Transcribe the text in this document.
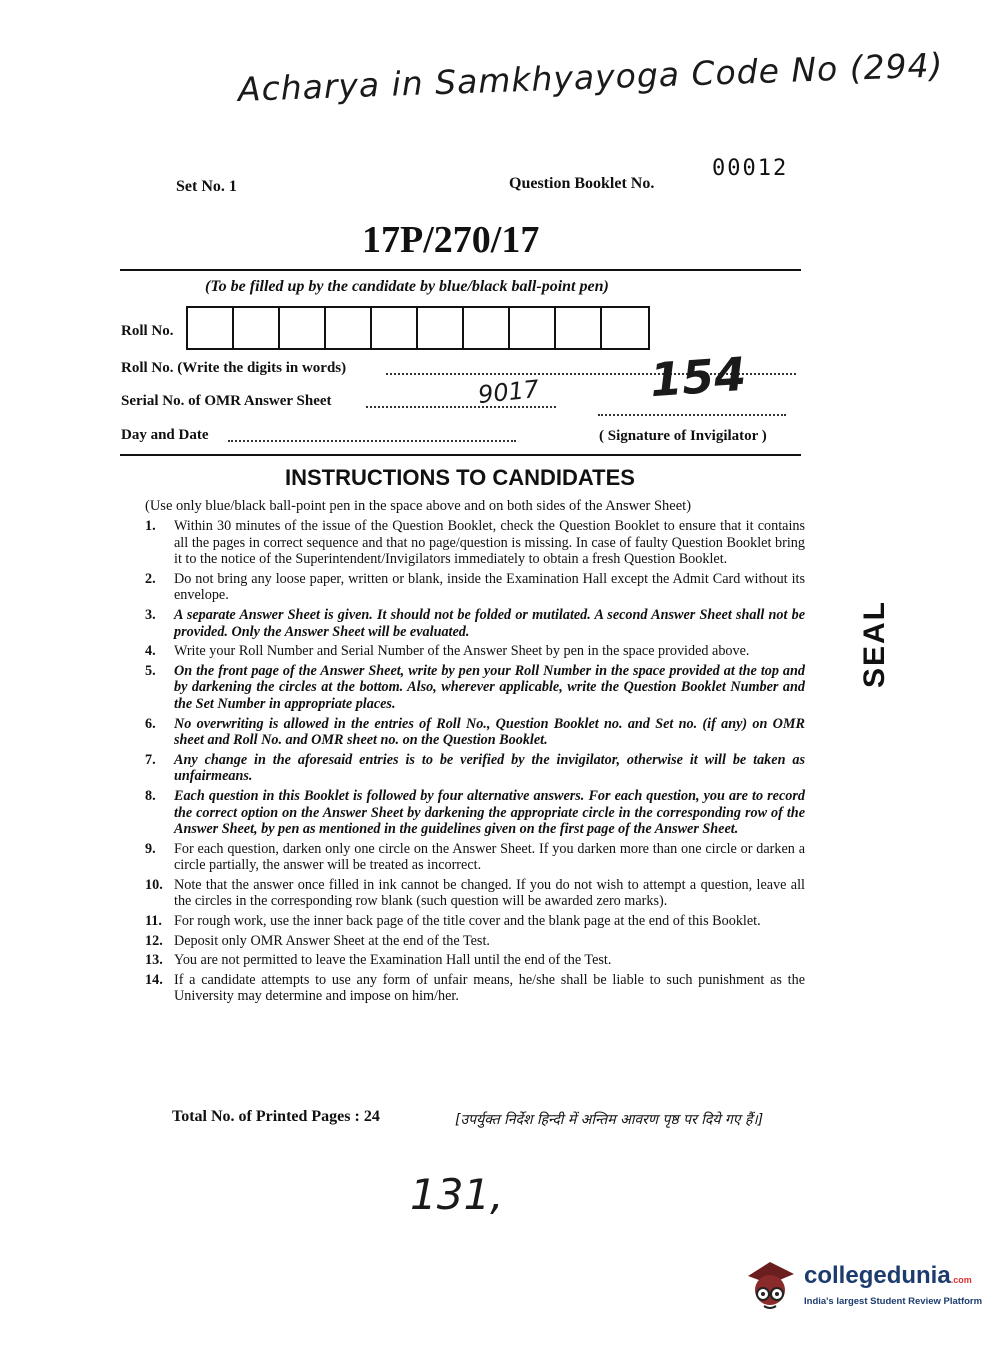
Acharya in Samkhyayoga Code No (294)
Set No. 1	Question Booklet No.
00012
17P/270/17
(To be filled up by the candidate by blue/black ball-point pen)
Roll No.
Roll No. (Write the digits in words)
Serial No. of OMR Answer Sheet	9017 154
Day and Date	( Signature of Invigilator )
INSTRUCTIONS TO CANDIDATES
(Use only blue/black ball-point pen in the space above and on both sides of the Answer Sheet)
1.	Within 30 minutes of the issue of the Question Booklet, check the Question Booklet to ensure that it contains all the pages in correct sequence and that no page/question is missing. In case of faulty Question Booklet bring it to the notice of the Superintendent/Invigilators immediately to obtain a fresh Question Booklet.
2.	Do not bring any loose paper, written or blank, inside the Examination Hall except the Admit Card without its envelope.
3.	A separate Answer Sheet is given. It should not be folded or mutilated. A second Answer Sheet shall not be provided. Only the Answer Sheet will be evaluated.
4.	Write your Roll Number and Serial Number of the Answer Sheet by pen in the space provided above.
5.	On the front page of the Answer Sheet, write by pen your Roll Number in the space provided at the top and by darkening the circles at the bottom. Also, wherever applicable, write the Question Booklet Number and the Set Number in appropriate places.
6.	No overwriting is allowed in the entries of Roll No., Question Booklet no. and Set no. (if any) on OMR sheet and Roll No. and OMR sheet no. on the Question Booklet.
7.	Any change in the aforesaid entries is to be verified by the invigilator, otherwise it will be taken as unfairmeans.
8.	Each question in this Booklet is followed by four alternative answers. For each question, you are to record the correct option on the Answer Sheet by darkening the appropriate circle in the corresponding row of the Answer Sheet, by pen as mentioned in the guidelines given on the first page of the Answer Sheet.
9.	For each question, darken only one circle on the Answer Sheet. If you darken more than one circle or darken a circle partially, the answer will be treated as incorrect.
10. Note that the answer once filled in ink cannot be changed. If you do not wish to attempt a question, leave all the circles in the corresponding row blank (such question will be awarded zero marks).
11. For rough work, use the inner back page of the title cover and the blank page at the end of this Booklet.
12. Deposit only OMR Answer Sheet at the end of the Test.
13. You are not permitted to leave the Examination Hall until the end of the Test.
14. If a candidate attempts to use any form of unfair means, he/she shall be liable to such punishment as the University may determine and impose on him/her.
Total No. of Printed Pages : 24	[उपर्युक्त निर्देश हिन्दी में अन्तिम आवरण पृष्ठ पर दिये गए हैं।]
SEAL
131,
collegedunia.com
India's largest Student Review Platform
